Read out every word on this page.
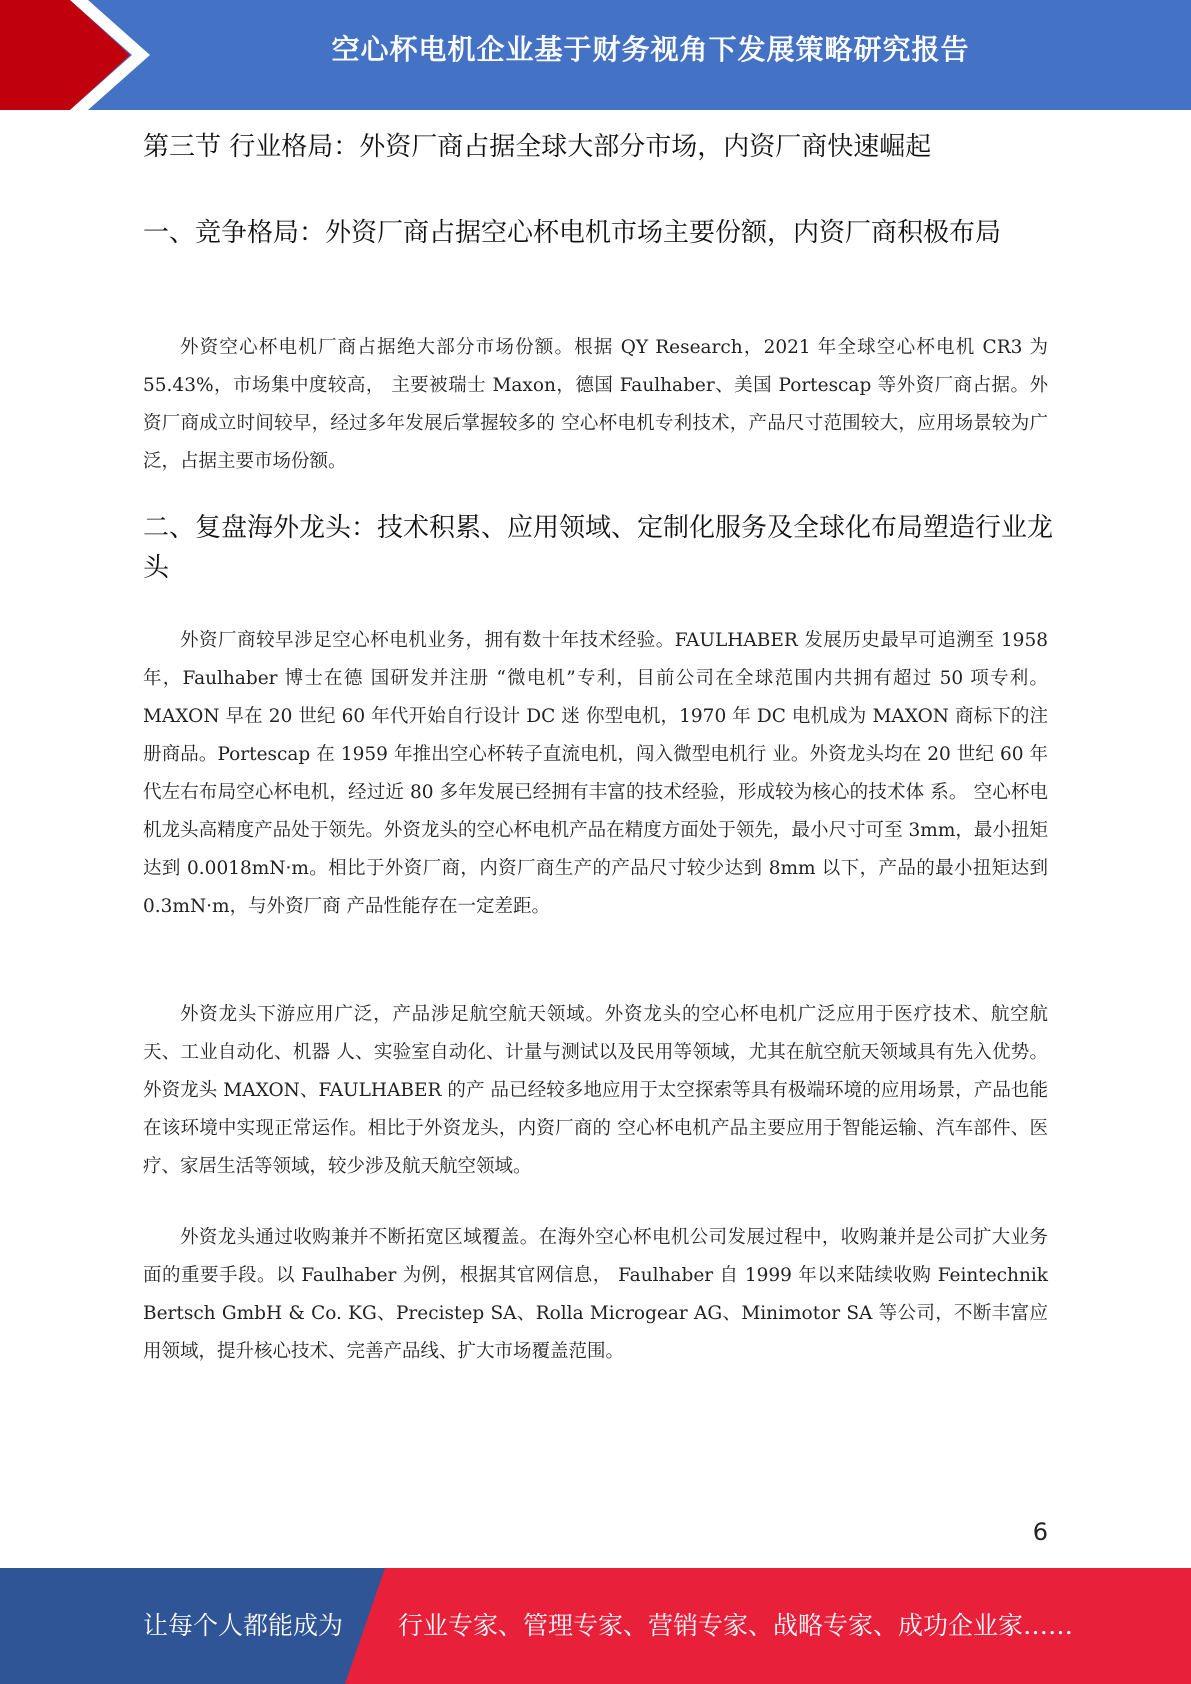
空心杯电机企业基于财务视角下发展策略研究报告
第三节 行业格局：外资厂商占据全球大部分市场，内资厂商快速崛起
一、竞争格局：外资厂商占据空心杯电机市场主要份额，内资厂商积极布局
外资空心杯电机厂商占据绝大部分市场份额。根据 QY Research，2021 年全球空心杯电机 CR3 为 55.43%，市场集中度较高， 主要被瑞士 Maxon，德国 Faulhaber、美国 Portescap 等外资厂商占据。外资厂商成立时间较早，经过多年发展后掌握较多的 空心杯电机专利技术，产品尺寸范围较大，应用场景较为广泛，占据主要市场份额。
二、复盘海外龙头：技术积累、应用领域、定制化服务及全球化布局塑造行业龙头
外资厂商较早涉足空心杯电机业务，拥有数十年技术经验。FAULHABER 发展历史最早可追溯至 1958 年，Faulhaber 博士在德 国研发并注册 “微电机”专利，目前公司在全球范围内共拥有超过 50 项专利。MAXON 早在 20 世纪 60 年代开始自行设计 DC 迷 你型电机，1970 年 DC 电机成为 MAXON 商标下的注册商品。Portescap 在 1959 年推出空心杯转子直流电机，闯入微型电机行 业。外资龙头均在 20 世纪 60 年代左右布局空心杯电机，经过近 80 多年发展已经拥有丰富的技术经验，形成较为核心的技术体 系。 空心杯电机龙头高精度产品处于领先。外资龙头的空心杯电机产品在精度方面处于领先，最小尺寸可至 3mm，最小扭矩达到 0.0018mN·m。相比于外资厂商，内资厂商生产的产品尺寸较少达到 8mm 以下，产品的最小扭矩达到 0.3mN·m，与外资厂商 产品性能存在一定差距。
外资龙头下游应用广泛，产品涉足航空航天领域。外资龙头的空心杯电机广泛应用于医疗技术、航空航天、工业自动化、机器 人、实验室自动化、计量与测试以及民用等领域，尤其在航空航天领域具有先入优势。外资龙头 MAXON、FAULHABER 的产 品已经较多地应用于太空探索等具有极端环境的应用场景，产品也能在该环境中实现正常运作。相比于外资龙头，内资厂商的 空心杯电机产品主要应用于智能运输、汽车部件、医疗、家居生活等领域，较少涉及航天航空领域。
外资龙头通过收购兼并不断拓宽区域覆盖。在海外空心杯电机公司发展过程中，收购兼并是公司扩大业务面的重要手段。以 Faulhaber 为例，根据其官网信息， Faulhaber 自 1999 年以来陆续收购 Feintechnik Bertsch GmbH & Co. KG、Precistep SA、Rolla Microgear AG、Minimotor SA 等公司，不断丰富应用领域，提升核心技术、完善产品线、扩大市场覆盖范围。
6
让每个人都能成为 行业专家、管理专家、营销专家、战略专家、成功企业家……
